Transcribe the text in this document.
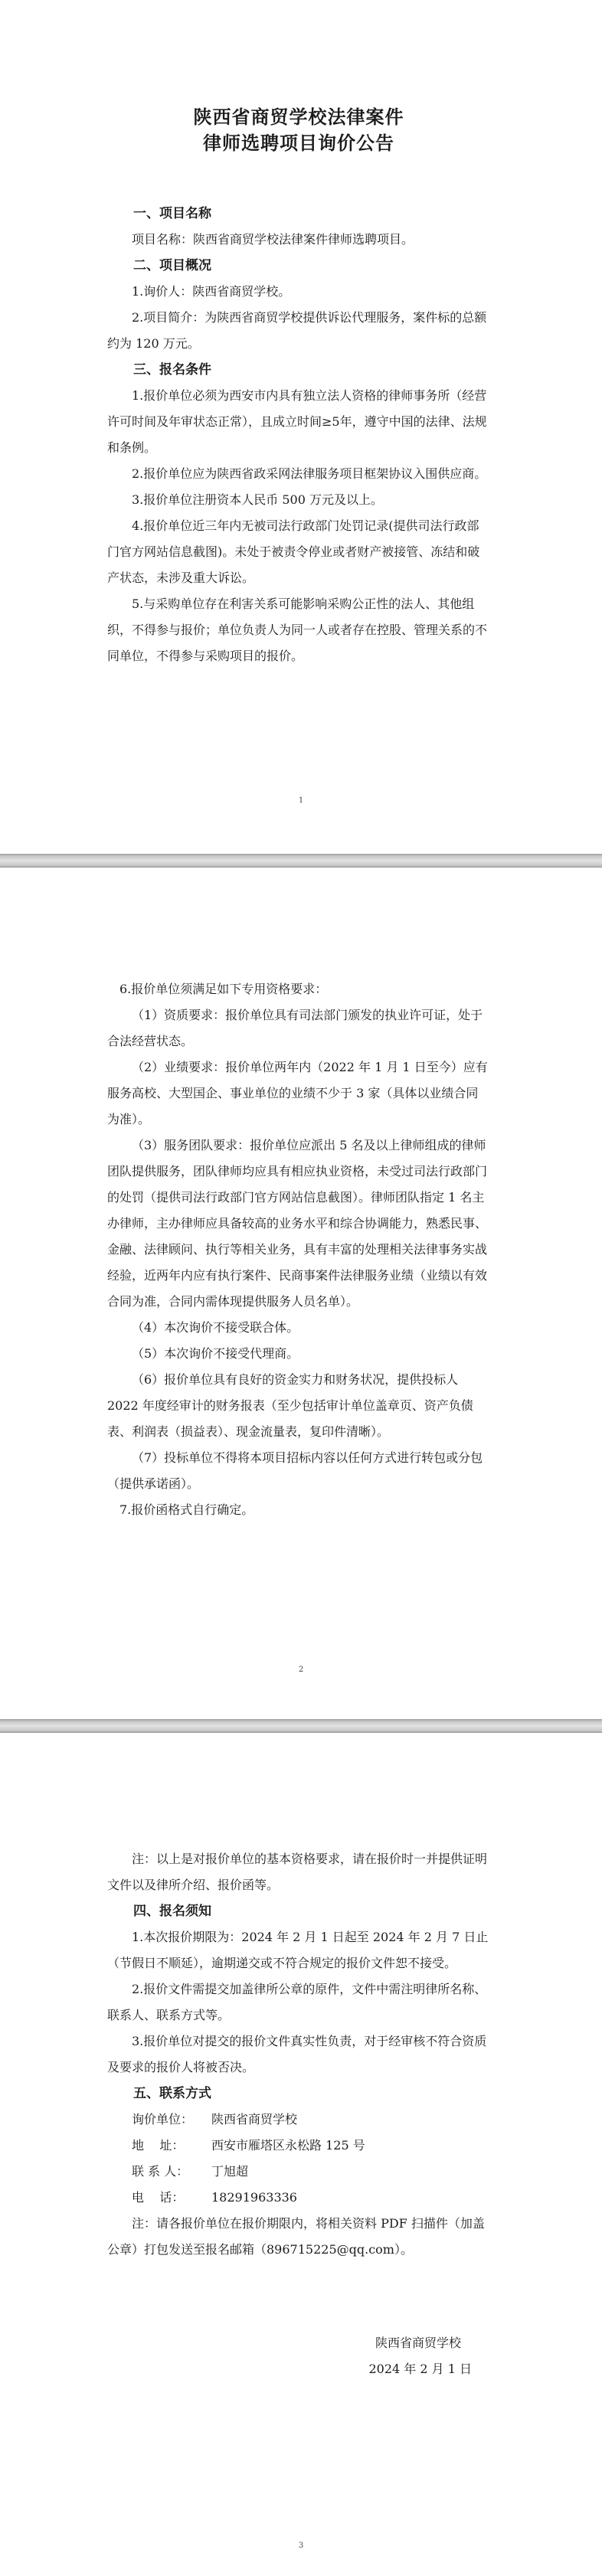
陕西省商贸学校法律案件
律师选聘项目询价公告

一、项目名称

项目名称：陕西省商贸学校法律案件律师选聘项目。

二、项目概况

1.询价人：陕西省商贸学校。

2.项目简介：为陕西省商贸学校提供诉讼代理服务，案件标的总额约为 120 万元。

三、报名条件

1.报价单位必须为西安市内具有独立法人资格的律师事务所（经营许可时间及年审状态正常），且成立时间≥5年，遵守中国的法律、法规和条例。

2.报价单位应为陕西省政采网法律服务项目框架协议入围供应商。

3.报价单位注册资本人民币 500 万元及以上。

4.报价单位近三年内无被司法行政部门处罚记录(提供司法行政部门官方网站信息截图)。未处于被责令停业或者财产被接管、冻结和破产状态，未涉及重大诉讼。

5.与采购单位存在利害关系可能影响采购公正性的法人、其他组织，不得参与报价；单位负责人为同一人或者存在控股、管理关系的不同单位，不得参与采购项目的报价。

1

6.报价单位须满足如下专用资格要求：

（1）资质要求：报价单位具有司法部门颁发的执业许可证，处于合法经营状态。

（2）业绩要求：报价单位两年内（2022 年 1 月 1 日至今）应有服务高校、大型国企、事业单位的业绩不少于 3 家（具体以业绩合同为准）。

（3）服务团队要求：报价单位应派出 5 名及以上律师组成的律师团队提供服务，团队律师均应具有相应执业资格，未受过司法行政部门的处罚（提供司法行政部门官方网站信息截图）。律师团队指定 1 名主办律师，主办律师应具备较高的业务水平和综合协调能力，熟悉民事、金融、法律顾问、执行等相关业务，具有丰富的处理相关法律事务实战经验，近两年内应有执行案件、民商事案件法律服务业绩（业绩以有效合同为准，合同内需体现提供服务人员名单）。

（4）本次询价不接受联合体。

（5）本次询价不接受代理商。

（6）报价单位具有良好的资金实力和财务状况，提供投标人 2022 年度经审计的财务报表（至少包括审计单位盖章页、资产负债表、利润表（损益表）、现金流量表，复印件清晰）。

（7）投标单位不得将本项目招标内容以任何方式进行转包或分包（提供承诺函）。

7.报价函格式自行确定。

2

注：以上是对报价单位的基本资格要求，请在报价时一并提供证明文件以及律所介绍、报价函等。

四、报名须知

1.本次报价期限为：2024 年 2 月 1 日起至 2024 年 2 月 7 日止（节假日不顺延），逾期递交或不符合规定的报价文件恕不接受。

2.报价文件需提交加盖律所公章的原件，文件中需注明律所名称、联系人、联系方式等。

3.报价单位对提交的报价文件真实性负责，对于经审核不符合资质及要求的报价人将被否决。

五、联系方式

询价单位：	陕西省商贸学校
地    址：	西安市雁塔区永松路 125 号
联 系 人：	丁旭超
电    话：	18291963336

注：请各报价单位在报价期限内，将相关资料 PDF 扫描件（加盖公章）打包发送至报名邮箱（896715225@qq.com）。

陕西省商贸学校
2024 年 2 月 1 日
3
